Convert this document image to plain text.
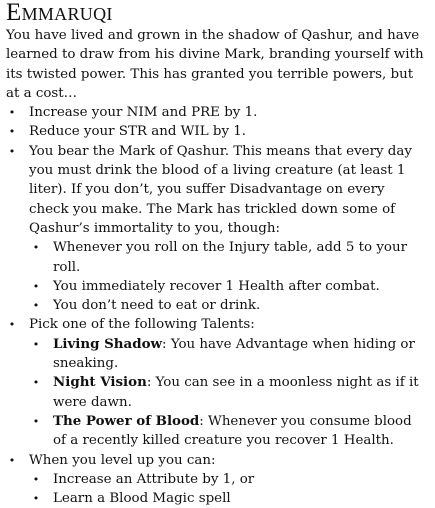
Emmaruqi

You have lived and grown in the shadow of Qashur, and have learned to draw from his divine Mark, branding yourself with its twisted power. This has granted you terrible powers, but at a cost…

• Increase your NIM and PRE by 1.
• Reduce your STR and WIL by 1.
• You bear the Mark of Qashur. This means that every day you must drink the blood of a living creature (at least 1 liter). If you don’t, you suffer Disadvantage on every check you make. The Mark has trickled down some of Qashur’s immortality to you, though:
• Whenever you roll on the Injury table, add 5 to your roll.
• You immediately recover 1 Health after combat.
• You don’t need to eat or drink.
• Pick one of the following Talents:
• Living Shadow: You have Advantage when hiding or sneaking.
• Night Vision: You can see in a moonless night as if it were dawn.
• The Power of Blood: Whenever you consume blood of a recently killed creature you recover 1 Health.
• When you level up you can:
• Increase an Attribute by 1, or
• Learn a Blood Magic spell
